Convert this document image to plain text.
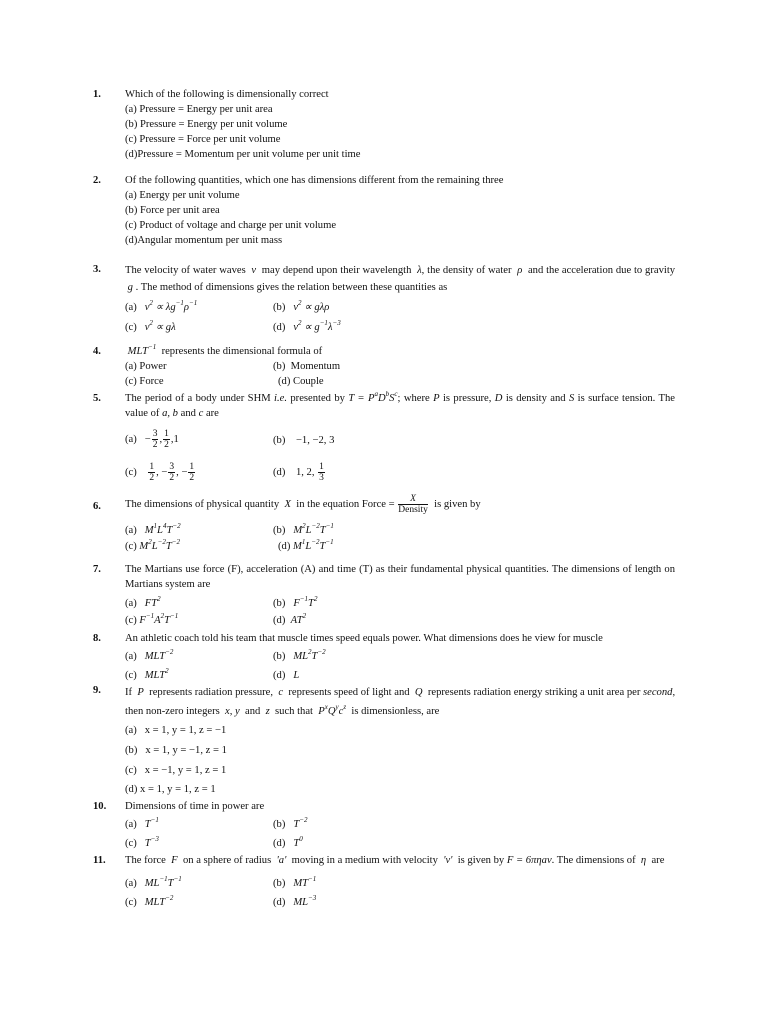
1. Which of the following is dimensionally correct
(a) Pressure = Energy per unit area
(b) Pressure = Energy per unit volume
(c) Pressure = Force per unit volume
(d)Pressure = Momentum per unit volume per unit time
2. Of the following quantities, which one has dimensions different from the remaining three
(a) Energy per unit volume
(b) Force per unit area
(c) Product of voltage and charge per unit volume
(d)Angular momentum per unit mass
3. The velocity of water waves v may depend upon their wavelength λ, the density of water ρ and the acceleration due to gravity  g . The method of dimensions gives the relation between these quantities as
(a) $v^2 \propto \lambda g^{-1}\rho^{-1}$	(b) $v^2 \propto g\lambda\rho$
(c) $v^2 \propto g\lambda$	(d) $v^2 \propto g^{-1}\lambda^{-3}$
4. $MLT^{-1}$ represents the dimensional formula of
(a) Power	(b) Momentum
(c) Force	(d) Couple
5. The period of a body under SHM i.e. presented by $T = P^aD^bS^c$; where P is pressure, D is density and S is surface tension. The value of a, b and c are
$(a) - \frac{3}{2}$ , $\frac{1}{2} ,1$	(b) −1, −2, 3
$(c) \frac{1}{2}$ , − $\frac{3}{2}$ , − $\frac{1}{2}$	(d)    1, 2, $\frac{1}{3}$
6. The dimensions of physical quantity X in the equation Force = $\frac{X}{\text{Density}}$ is given by
(a) $M^1L^4T^{-2}$	(b) $M^2L^{-2}T^{-1}$
(c) $M^2L^{-2}T^{-2}$	(d) $M^1L^{-2}T^{-1}$
7. The Martians use force (F), acceleration (A) and time (T) as their fundamental physical quantities. The dimensions of length on Martians system are
(a) $FT^2$	(b) $F^{-1}T^2$
(c) $F^{-1}A^2T^{-1}$	(d) $AT^2$
8. An athletic coach told his team that muscle times speed equals power. What dimensions does he view for muscle
(a) $MLT^{-2}$	(b) $ML^2T^{-2}$
(c) MLT$^2$	(d) L
9. If P represents radiation pressure, c represents speed of light and Q represents radiation energy striking a unit area per second, then non-zero integers x, y and z such that $P^xQ^yc^z$ is dimensionless, are
(a) x = 1, y = 1, z = −1
(b) x = 1, y = −1, z = 1
(c) x = −1, y = 1, z = 1
(d) x = 1, y = 1, z = 1
10. Dimensions of time in power are
(a) $T^{-1}$	(b) $T^{-2}$
(c) $T^{-3}$	(d) $T^0$
11. The force F on a sphere of radius 'a' moving in a medium with velocity 'v' is given by F = 6πηav. The dimensions of η are
(a) $ML^{-1}T^{-1}$	(b) $MT^{-1}$
(c) $MLT^{-2}$	(d) $ML^{-3}$
